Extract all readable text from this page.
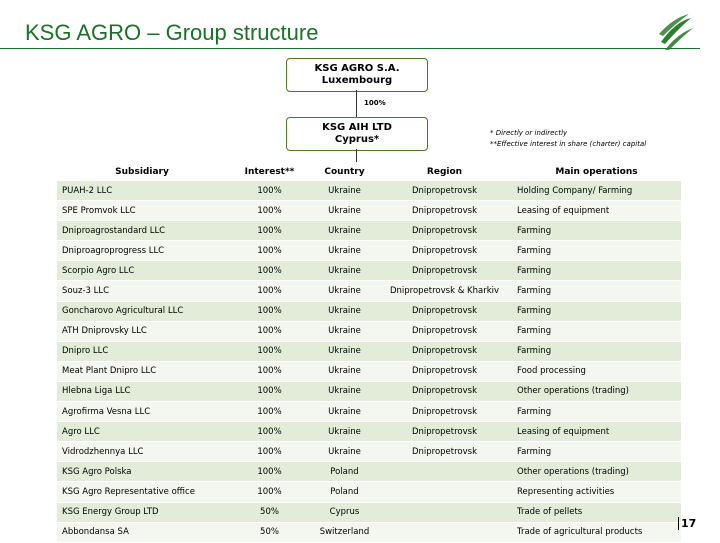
KSG AGRO – Group structure
KSG AGRO S.A.
Luxembourg
100%
KSG AIH LTD
Cyprus*
* Directly or indirectly
**Effective interest in share (charter) capital
Subsidiary	Interest**	Country	Region	Main operations
PUAH-2 LLC	100%	Ukraine	Dnipropetrovsk	Holding Company/ Farming
SPE Promvok LLC	100%	Ukraine	Dnipropetrovsk	Leasing of equipment
Dniproagrostandard LLC	100%	Ukraine	Dnipropetrovsk	Farming
Dniproagroprogress LLC	100%	Ukraine	Dnipropetrovsk	Farming
Scorpio Agro LLC	100%	Ukraine	Dnipropetrovsk	Farming
Souz-3 LLC	100%	Ukraine	Dnipropetrovsk & Kharkiv	Farming
Goncharovo Agricultural LLC	100%	Ukraine	Dnipropetrovsk	Farming
ATH Dniprovsky LLC	100%	Ukraine	Dnipropetrovsk	Farming
Dnipro LLC	100%	Ukraine	Dnipropetrovsk	Farming
Meat Plant Dnipro LLC	100%	Ukraine	Dnipropetrovsk	Food processing
Hlebna Liga LLC	100%	Ukraine	Dnipropetrovsk	Other operations (trading)
Agrofirma Vesna LLC	100%	Ukraine	Dnipropetrovsk	Farming
Agro LLC	100%	Ukraine	Dnipropetrovsk	Leasing of equipment
Vidrodzhennya LLC	100%	Ukraine	Dnipropetrovsk	Farming
KSG Agro Polska	100%	Poland		Other operations (trading)
KSG Agro Representative office	100%	Poland		Representing activities
KSG Energy Group LTD	50%	Cyprus		Trade of pellets
Abbondansa SA	50%	Switzerland		Trade of agricultural products
17
